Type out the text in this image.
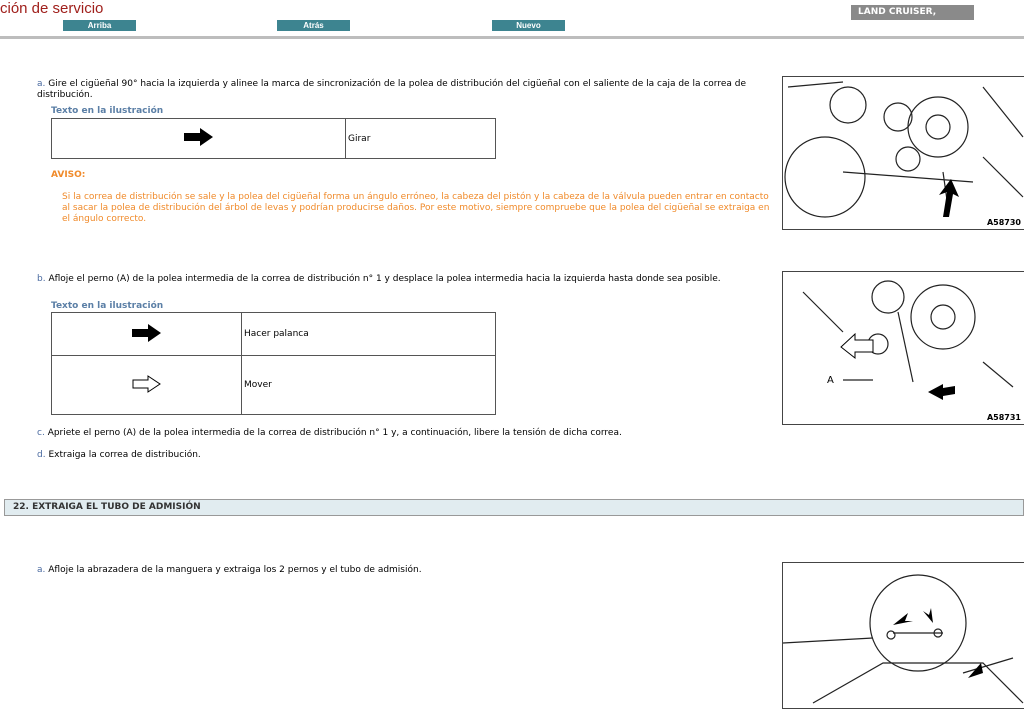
ción de servicio
Arriba	Atrás	Nuevo
LAND CRUISER,
a. Gire el cigüeñal 90° hacia la izquierda y alinee la marca de sincronización de la polea de distribución del cigüeñal con el saliente de la caja de la correa de distribución.
Texto en la ilustración
	Girar
AVISO:
Si la correa de distribución se sale y la polea del cigüeñal forma un ángulo erróneo, la cabeza del pistón y la cabeza de la válvula pueden entrar en contacto al sacar la polea de distribución del árbol de levas y podrían producirse daños. Por este motivo, siempre compruebe que la polea del cigüeñal se extraiga en el ángulo correcto.	A58730
b. Afloje el perno (A) de la polea intermedia de la correa de distribución n° 1 y desplace la polea intermedia hacia la izquierda hasta donde sea posible.
Texto en la ilustración
	Hacer palanca
	Mover	A
A58731
c. Apriete el perno (A) de la polea intermedia de la correa de distribución n° 1 y, a continuación, libere la tensión de dicha correa.
d. Extraiga la correa de distribución.
22. EXTRAIGA EL TUBO DE ADMISIÓN
a. Afloje la abrazadera de la manguera y extraiga los 2 pernos y el tubo de admisión.
